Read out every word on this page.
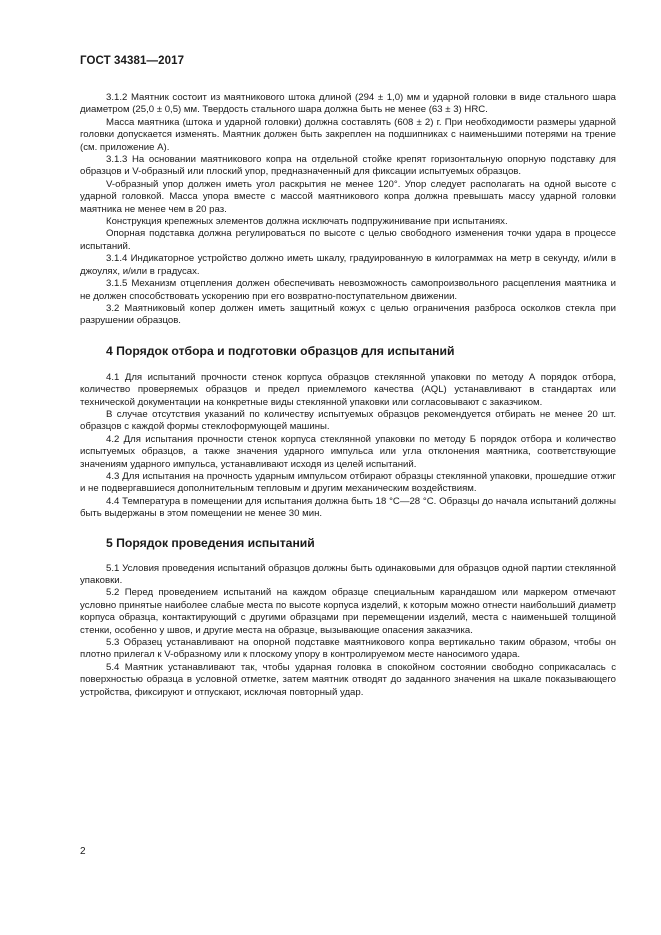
ГОСТ 34381—2017

3.1.2 Маятник состоит из маятникового штока длиной (294 ± 1,0) мм и ударной головки в виде стального шара диаметром (25,0 ± 0,5) мм. Твердость стального шара должна быть не менее (63 ± 3) HRC.

Масса маятника (штока и ударной головки) должна составлять (608 ± 2) г. При необходимости размеры ударной головки допускается изменять. Маятник должен быть закреплен на подшипниках с наименьшими потерями на трение (см. приложение А).

3.1.3 На основании маятникового копра на отдельной стойке крепят горизонтальную опорную подставку для образцов и V-образный или плоский упор, предназначенный для фиксации испытуемых образцов.

V-образный упор должен иметь угол раскрытия не менее 120°. Упор следует располагать на одной высоте с ударной головкой. Масса упора вместе с массой маятникового копра должна превышать массу ударной головки маятника не менее чем в 20 раз.

Конструкция крепежных элементов должна исключать подпружинивание при испытаниях.

Опорная подставка должна регулироваться по высоте с целью свободного изменения точки удара в процессе испытаний.

3.1.4 Индикаторное устройство должно иметь шкалу, градуированную в килограммах на метр в секунду, и/или в джоулях, и/или в градусах.

3.1.5 Механизм отцепления должен обеспечивать невозможность самопроизвольного расцепления маятника и не должен способствовать ускорению при его возвратно-поступательном движении.

3.2 Маятниковый копер должен иметь защитный кожух с целью ограничения разброса осколков стекла при разрушении образцов.

4 Порядок отбора и подготовки образцов для испытаний

4.1 Для испытаний прочности стенок корпуса образцов стеклянной упаковки по методу А порядок отбора, количество проверяемых образцов и предел приемлемого качества (AQL) устанавливают в стандартах или технической документации на конкретные виды стеклянной упаковки или согласовывают с заказчиком.

В случае отсутствия указаний по количеству испытуемых образцов рекомендуется отбирать не менее 20 шт. образцов с каждой формы стеклоформующей машины.

4.2 Для испытания прочности стенок корпуса стеклянной упаковки по методу Б порядок отбора и количество испытуемых образцов, а также значения ударного импульса или угла отклонения маятника, соответствующие значениям ударного импульса, устанавливают исходя из целей испытаний.

4.3 Для испытания на прочность ударным импульсом отбирают образцы стеклянной упаковки, прошедшие отжиг и не подвергавшиеся дополнительным тепловым и другим механическим воздействиям.

4.4 Температура в помещении для испытания должна быть 18 °С—28 °С. Образцы до начала испытаний должны быть выдержаны в этом помещении не менее 30 мин.

5 Порядок проведения испытаний

5.1 Условия проведения испытаний образцов должны быть одинаковыми для образцов одной партии стеклянной упаковки.

5.2 Перед проведением испытаний на каждом образце специальным карандашом или маркером отмечают условно принятые наиболее слабые места по высоте корпуса изделий, к которым можно отнести наибольший диаметр корпуса образца, контактирующий с другими образцами при перемещении изделий, места с наименьшей толщиной стенки, особенно у швов, и другие места на образце, вызывающие опасения заказчика.

5.3 Образец устанавливают на опорной подставке маятникового копра вертикально таким образом, чтобы он плотно прилегал к V-образному или к плоскому упору в контролируемом месте наносимого удара.

5.4 Маятник устанавливают так, чтобы ударная головка в спокойном состоянии свободно соприкасалась с поверхностью образца в условной отметке, затем маятник отводят до заданного значения на шкале показывающего устройства, фиксируют и отпускают, исключая повторный удар.

2
